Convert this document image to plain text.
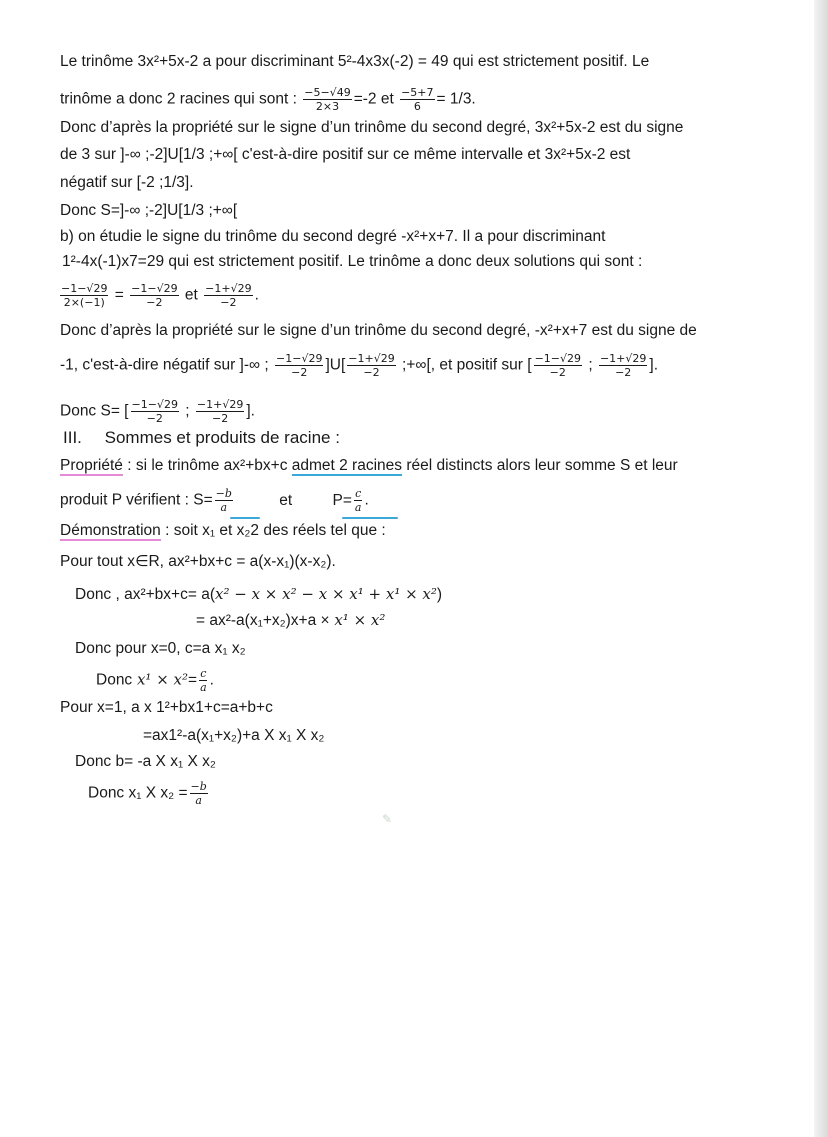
Le trinôme 3x²+5x-2 a pour discriminant 5²-4x3x(-2) = 49 qui est strictement positif. Le
trinôme a donc 2 racines qui sont : $\frac{-5-√49}{2\times 3} =-2$ et $\frac{-5+7}{6} = 1/3$.
Donc d’après la propriété sur le signe d’un trinôme du second degré, 3x²+5x-2 est du signe
de 3 sur ]-∞ ;-2]U[1/3 ;+∞[ c'est-à-dire positif sur ce même intervalle et 3x²+5x-2 est
négatif sur [-2 ;1/3].
Donc S=]-∞ ;-2]U[1/3 ;+∞[
b) on étudie le signe du trinôme du second degré -x²+x+7. Il a pour discriminant
1²-4x(-1)x7=29 qui est strictement positif. Le trinôme a donc deux solutions qui sont :
$\frac{-1-√29}{2\times(-1)} = \frac{-1-√29}{-2}$ et $\frac{-1+√29}{-2}$ .
Donc d’après la propriété sur le signe d’un trinôme du second degré, -x²+x+7 est du signe de
-1, c'est-à-dire négatif sur ]-∞ ; $\frac{-1-√29}{-2} ]U[ \frac{-1+√29}{-2}$ ;+∞[, et positif sur [ $\frac{-1-√29}{-2}$ ; $\frac{-1+√29}{-2}$ ].
Donc S= [ $\frac{-1-√29}{-2}$ ; $\frac{-1+√29}{-2}$ ].
III. Sommes et produits de racine :
Propriété : si le trinôme ax²+bx+c admet 2 racines réel distincts alors leur somme S et leur
produit P vérifient : $S= \frac{-b}{a}$	et	$P= \frac{c}{a}$ .
Démonstration : soit x₁ et x₂2 des réels tel que :
Pour tout x∈R, ax²+bx+c = a(x-x₁)(x-x₂).
Donc , ax²+bx+c= a(x² − x × x² − x × x¹ + x¹ × x²)
= ax²-a(x₁+x₂)x+a × x¹ × x²
Donc pour x=0, c=a x₁ x₂
Donc $x^1 \times x^2= \frac{c}{a}$ .
Pour x=1, a x 1²+bx1+c=a+b+c
=ax1²-a(x₁+x₂)+a X x₁ X x₂
Donc b= -a X x₁ X x₂
Donc x₁ X $x_2 = \frac{-b}{a}$
✎
